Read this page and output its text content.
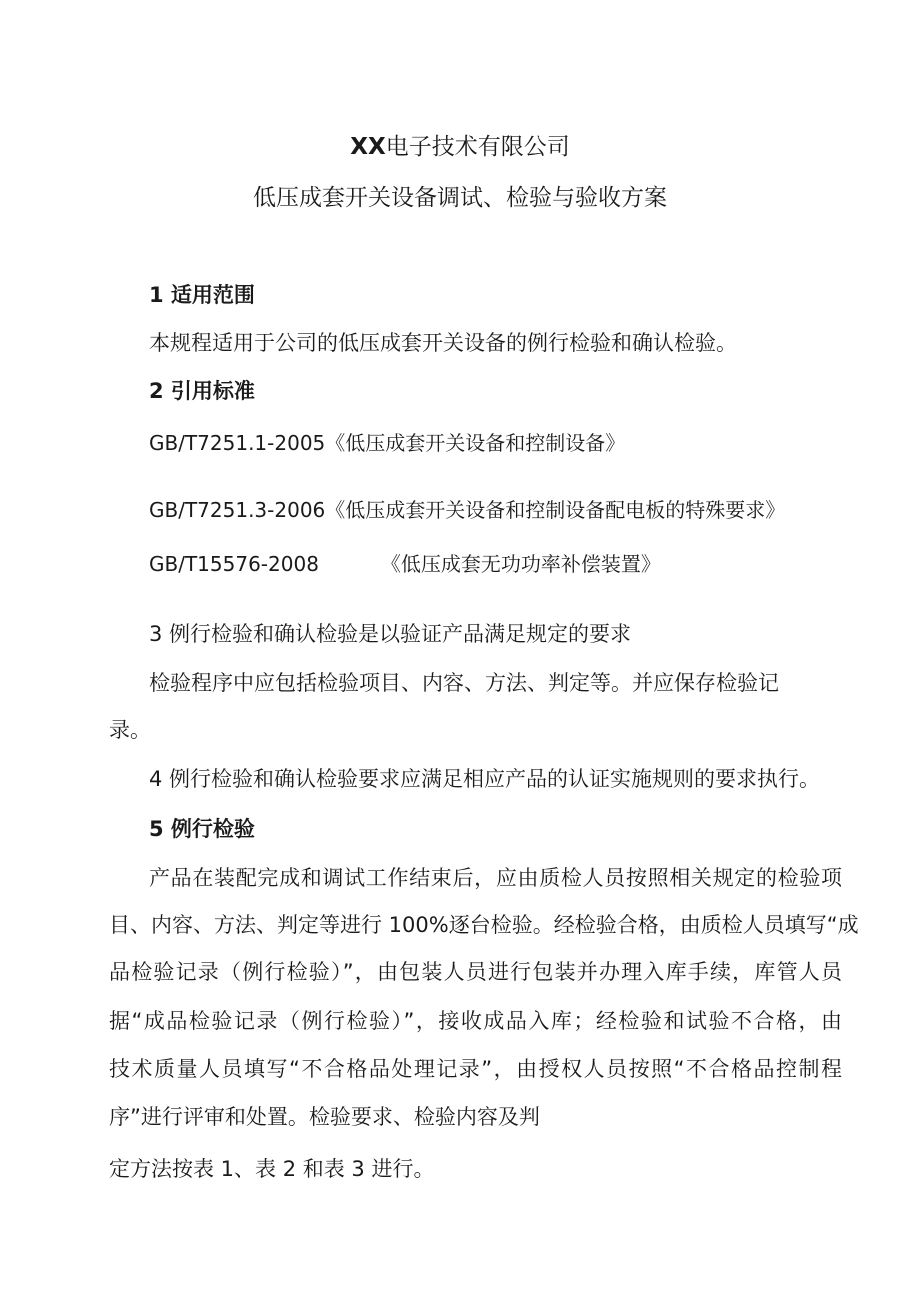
XX电子技术有限公司
低压成套开关设备调试、检验与验收方案
1 适用范围
本规程适用于公司的低压成套开关设备的例行检验和确认检验。
2 引用标准
GB/T7251.1-2005《低压成套开关设备和控制设备》
GB/T7251.3-2006《低压成套开关设备和控制设备配电板的特殊要求》
GB/T15576-2008	《低压成套无功功率补偿装置》
3 例行检验和确认检验是以验证产品满足规定的要求
检验程序中应包括检验项目、内容、方法、判定等。并应保存检验记
录。
4 例行检验和确认检验要求应满足相应产品的认证实施规则的要求执行。
5 例行检验
产品在装配完成和调试工作结束后，应由质检人员按照相关规定的检验项
目、内容、方法、判定等进行 100%逐台检验。经检验合格，由质检人员填写“成
品检验记录（例行检验）”，由包装人员进行包装并办理入库手续，库管人员
据“成品检验记录（例行检验）”，接收成品入库；经检验和试验不合格，由
技术质量人员填写“不合格品处理记录”，由授权人员按照“不合格品控制程
序”进行评审和处置。检验要求、检验内容及判
定方法按表 1、表 2 和表 3 进行。
